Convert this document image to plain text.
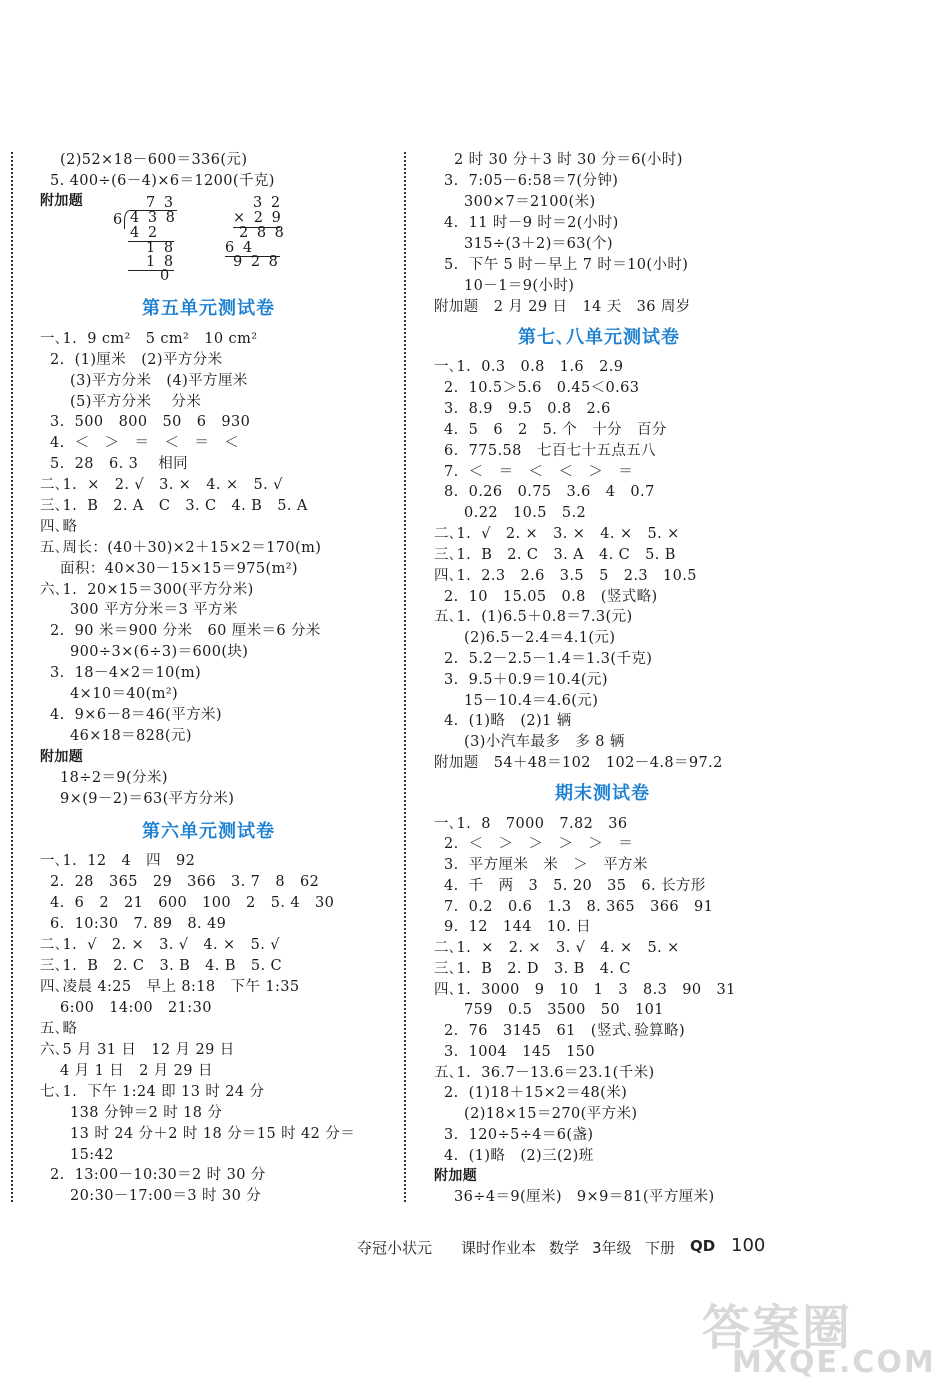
(2)52×18－600＝336(元)
5. 400÷(6－4)×6＝1200(千克)
附加题	7 3
6 4 3 8
4 2
1 8
1 8
0
3 2
× 2 9
2 8 8
6 4
9 2 8
第五单元测试卷
一､1.  9 cm²   5 cm²   10 cm²
2.  (1)厘米   (2)平方分米
(3)平方分米   (4)平方厘米
(5)平方分米    分米
3.  500   800   50   6   930
4.  ＜   ＞   ＝   ＜   ＝   ＜
5.  28   6. 3    相同
二､1.  ×   2. √   3. ×   4. ×   5. √
三､1.  B   2. A   C   3. C   4. B   5. A
四､略
五､周长：(40＋30)×2＋15×2＝170(m)
面积：40×30－15×15＝975(m²)
六､1.  20×15＝300(平方分米)
300 平方分米＝3 平方米
2.  90 米＝900 分米   60 厘米＝6 分米
900÷3×(6÷3)＝600(块)
3.  18－4×2＝10(m)
4×10＝40(m²)
4.  9×6－8＝46(平方米)
46×18＝828(元)
附加题
18÷2＝9(分米)
9×(9－2)＝63(平方分米)
第六单元测试卷
一､1.  12   4   四   92
2.  28   365   29   366   3. 7   8   62
4.  6   2   21   600   100   2   5. 4   30
6.  10:30   7. 89   8. 49
二､1.  √   2. ×   3. √   4. ×   5. √
三､1.  B   2. C   3. B   4. B   5. C
四､凌晨 4:25   早上 8:18   下午 1:35
6:00   14:00   21:30
五､略
六､5 月 31 日   12 月 29 日
4 月 1 日   2 月 29 日
七､1.  下午 1:24 即 13 时 24 分
138 分钟＝2 时 18 分
13 时 24 分＋2 时 18 分＝15 时 42 分＝
15:42
2.  13:00－10:30＝2 时 30 分
20:30－17:00＝3 时 30 分
2 时 30 分＋3 时 30 分＝6(小时)
3.  7:05－6:58＝7(分钟)
300×7＝2100(米)
4.  11 时－9 时＝2(小时)
315÷(3＋2)＝63(个)
5.  下午 5 时－早上 7 时＝10(小时)
10－1＝9(小时)
附加题   2 月 29 日   14 天   36 周岁
第七､八单元测试卷
一､1.  0.3   0.8   1.6   2.9
2.  10.5＞5.6   0.45＜0.63
3.  8.9   9.5   0.8   2.6
4.  5   6   2   5. 个   十分   百分
6.  775.58   七百七十五点五八
7.  ＜   ＝   ＜   ＜   ＞   ＝
8.  0.26   0.75   3.6   4   0.7
0.22   10.5   5.2
二､1.  √   2. ×   3. ×   4. ×   5. ×
三､1.  B   2. C   3. A   4. C   5. B
四､1.  2.3   2.6   3.5   5   2.3   10.5
2.  10   15.05   0.8   (竖式略)
五､1.  (1)6.5＋0.8＝7.3(元)
(2)6.5－2.4＝4.1(元)
2.  5.2－2.5－1.4＝1.3(千克)
3.  9.5＋0.9＝10.4(元)
15－10.4＝4.6(元)
4.  (1)略   (2)1 辆
(3)小汽车最多   多 8 辆
附加题   54＋48＝102   102－4.8＝97.2
期末测试卷
一､1.  8   7000   7.82   36
2.  ＜   ＞   ＞   ＞   ＞   ＝
3.  平方厘米   米   ＞   平方米
4.  千   两   3   5. 20   35   6. 长方形
7.  0.2   0.6   1.3   8. 365   366   91
9.  12   144   10. 日
二､1.  ×   2. ×   3. √   4. ×   5. ×
三､1.  B   2. D   3. B   4. C
四､1.  3000   9   10   1   3   8.3   90   31
759   0.5   3500   50   101
2.  76   3145   61   (竖式､验算略)
3.  1004   145   150
五､1.  36.7－13.6＝23.1(千米)
2.  (1)18＋15×2＝48(米)
(2)18×15＝270(平方米)
3.  120÷5÷4＝6(盏)
4.  (1)略   (2)三(2)班
附加题
36÷4＝9(厘米)   9×9＝81(平方厘米)
夺冠小状元 课时作业本 数学 3年级 下册 QD 100
答案圈
MXQE.COM
